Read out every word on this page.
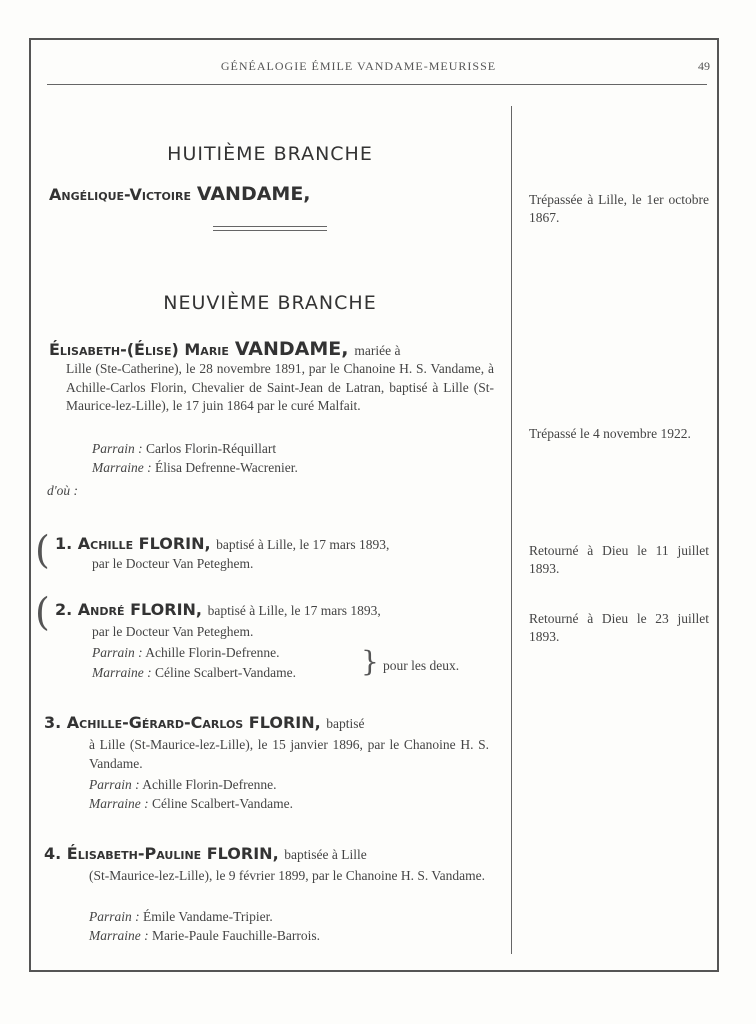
GÉNÉALOGIE ÉMILE VANDAME-MEURISSE	49
HUITIÈME BRANCHE
Angélique-Victoire VANDAME,	Trépassée à Lille, le 1er octobre 1867.
NEUVIÈME BRANCHE
Élisabeth-(Élise) Marie VANDAME, mariée à
Lille (Ste-Catherine), le 28 novembre 1891, par le Chanoine H. S. Vandame, à Achille-Carlos Florin, Chevalier de Saint-Jean de Latran, baptisé à Lille (St-Maurice-lez-Lille), le 17 juin 1864 par le curé Malfait.
Parrain : Carlos Florin-Réquillart
Marraine : Élisa Defrenne-Wacrenier.
d'où :
Trépassé le 4 novembre 1922.
( 1. Achille FLORIN, baptisé à Lille, le 17 mars 1893,
par le Docteur Van Peteghem.
Retourné à Dieu le 11 juillet 1893.
( 2. André FLORIN, baptisé à Lille, le 17 mars 1893,
par le Docteur Van Peteghem.
Parrain : Achille Florin-Defrenne.
Marraine : Céline Scalbert-Vandame. } pour les deux.
Retourné à Dieu le 23 juillet 1893.
3. Achille-Gérard-Carlos FLORIN, baptisé
à Lille (St-Maurice-lez-Lille), le 15 janvier 1896, par le Chanoine H. S. Vandame.
Parrain : Achille Florin-Defrenne.
Marraine : Céline Scalbert-Vandame.
4. Élisabeth-Pauline FLORIN, baptisée à Lille
(St-Maurice-lez-Lille), le 9 février 1899, par le Chanoine H. S. Vandame.
Parrain : Émile Vandame-Tripier.
Marraine : Marie-Paule Fauchille-Barrois.
